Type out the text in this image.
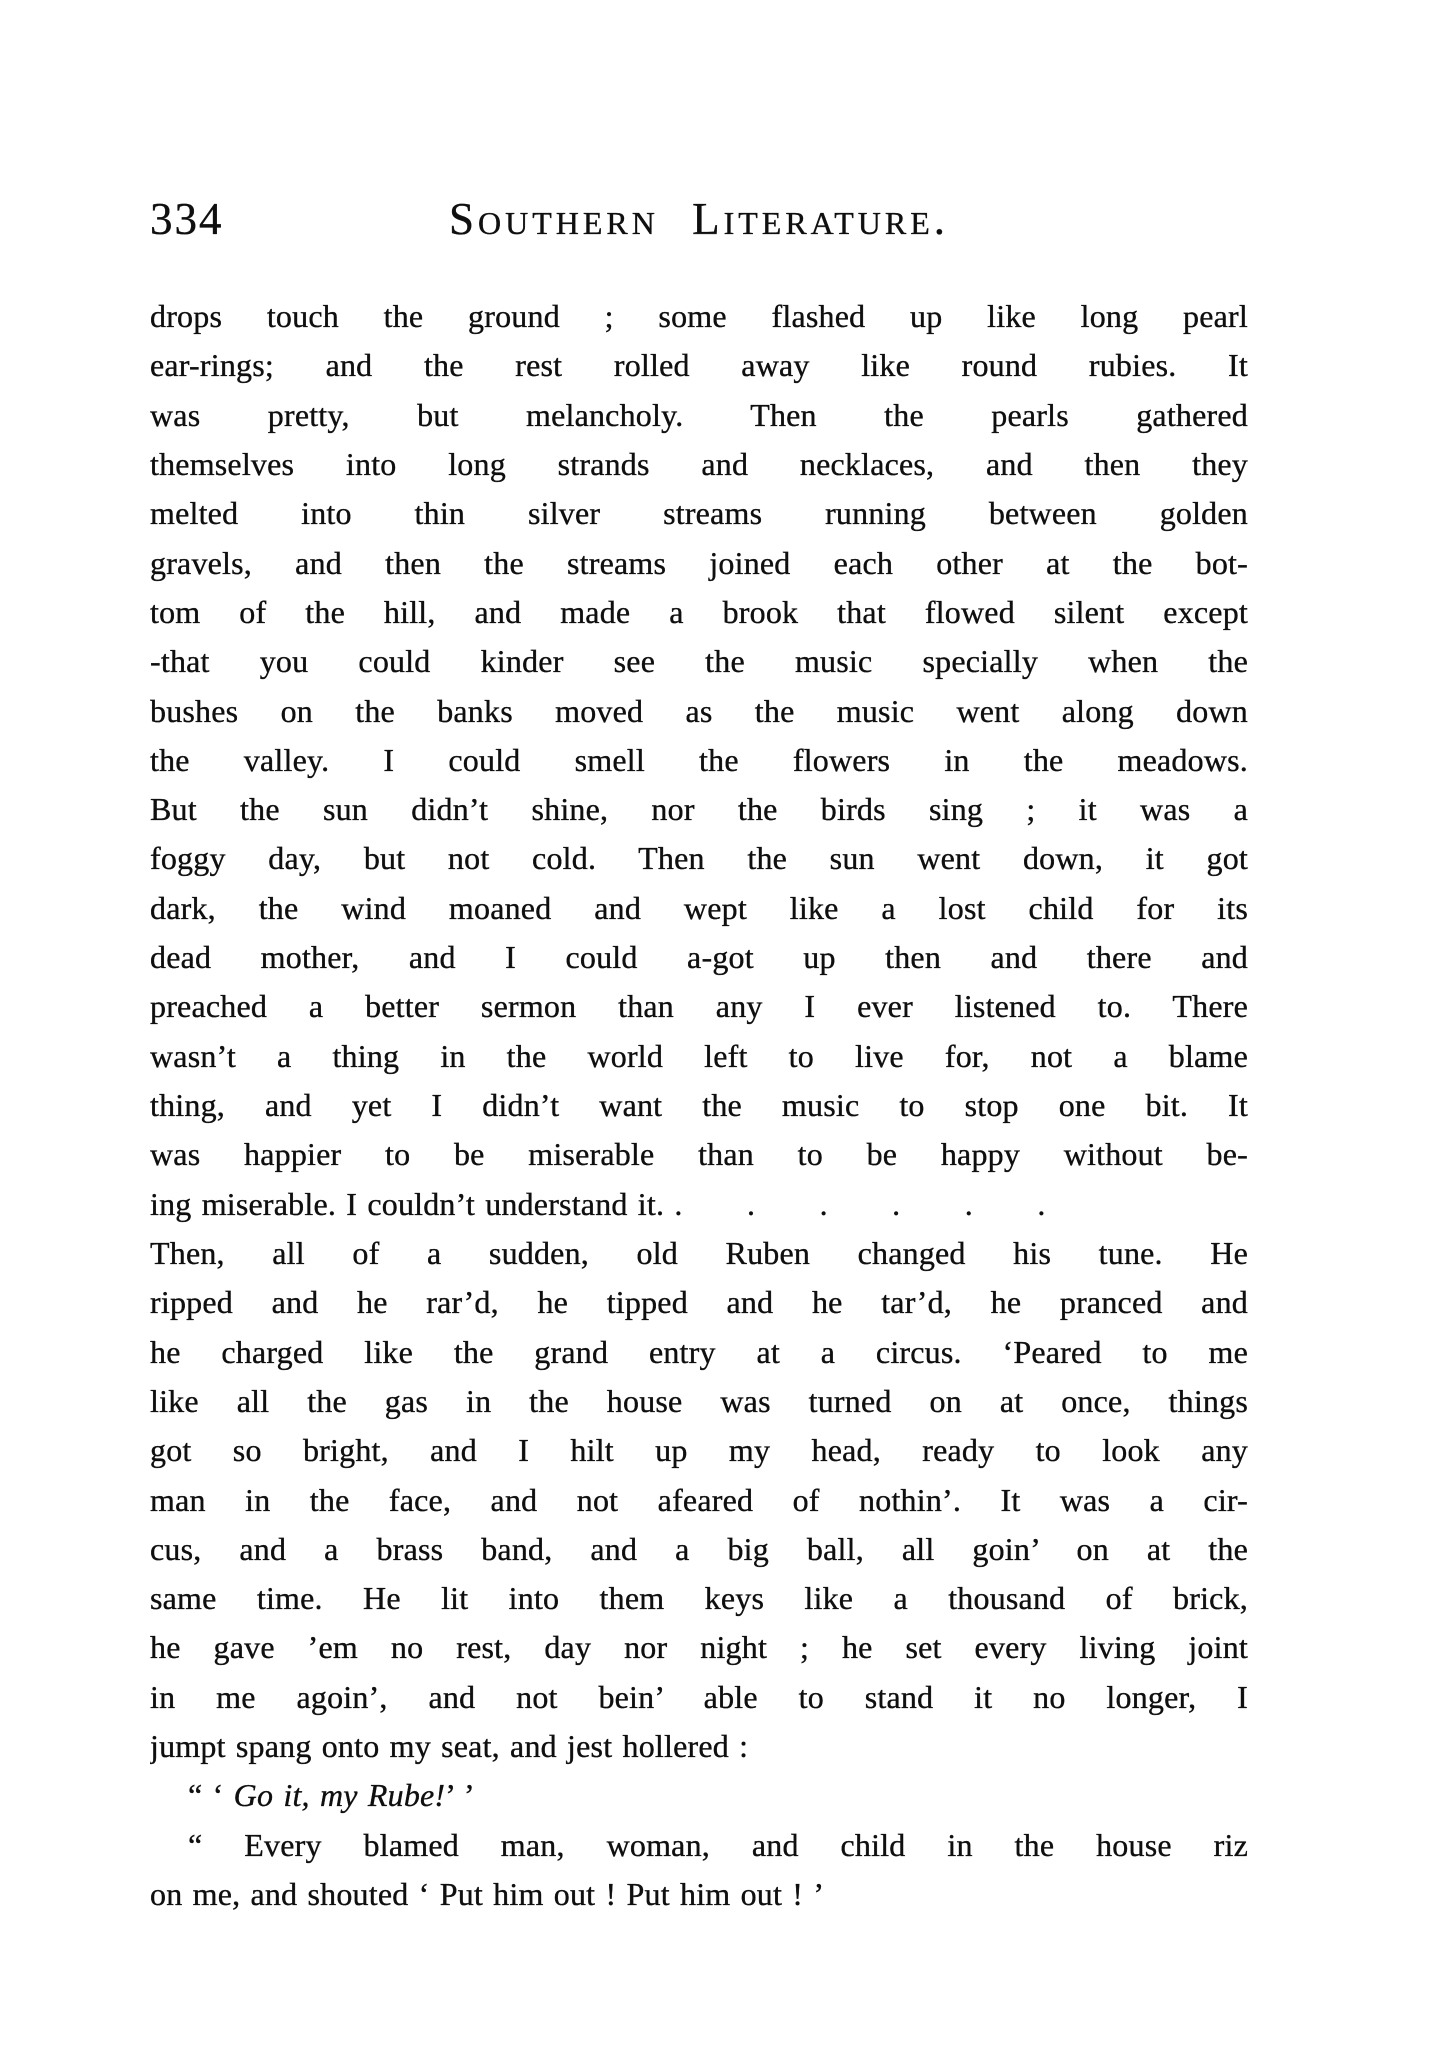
334	Southern Literature.
drops touch the ground ; some flashed up like long pearl
ear-rings; and the rest rolled away like round rubies. It
was pretty, but melancholy. Then the pearls gathered
themselves into long strands and necklaces, and then they
melted into thin silver streams running between golden
gravels, and then the streams joined each other at the bot-
tom of the hill, and made a brook that flowed silent except
-that you could kinder see the music specially when the
bushes on the banks moved as the music went along down
the valley. I could smell the flowers in the meadows.
But the sun didn’t shine, nor the birds sing ; it was a
foggy day, but not cold. Then the sun went down, it got
dark, the wind moaned and wept like a lost child for its
dead mother, and I could a-got up then and there and
preached a better sermon than any I ever listened to. There
wasn’t a thing in the world left to live for, not a blame
thing, and yet I didn’t want the music to stop one bit. It
was happier to be miserable than to be happy without be-
ing miserable. I couldn’t understand it. .  .  .  .  .  .
Then, all of a sudden, old Ruben changed his tune. He
ripped and he rar’d, he tipped and he tar’d, he pranced and
he charged like the grand entry at a circus. ‘Peared to me
like all the gas in the house was turned on at once, things
got so bright, and I hilt up my head, ready to look any
man in the face, and not afeared of nothin’. It was a cir-
cus, and a brass band, and a big ball, all goin’ on at the
same time. He lit into them keys like a thousand of brick,
he gave ’em no rest, day nor night ; he set every living joint
in me agoin’, and not bein’ able to stand it no longer, I
jumpt spang onto my seat, and jest hollered :
“ ‘ Go it, my Rube!’ ’
“ Every blamed man, woman, and child in the house riz
on me, and shouted ‘ Put him out ! Put him out ! ’
